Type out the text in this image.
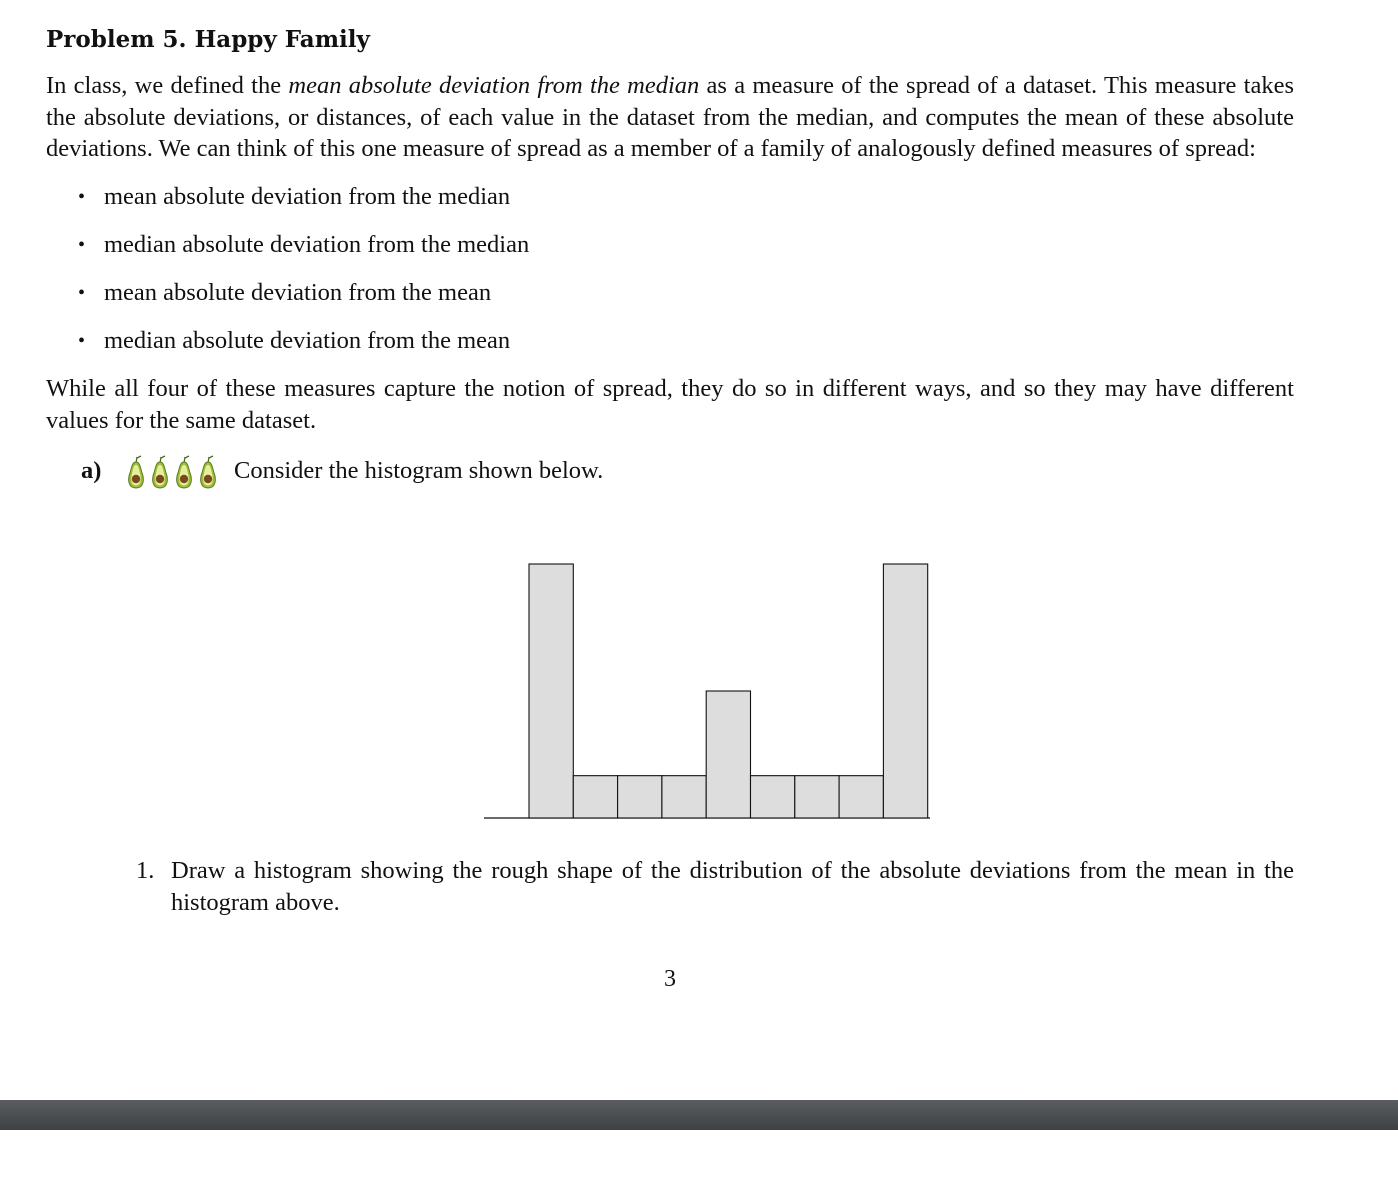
Problem 5. Happy Family

In class, we defined the mean absolute deviation from the median as a measure of the spread of a dataset. This measure takes the absolute deviations, or distances, of each value in the dataset from the median, and computes the mean of these absolute deviations. We can think of this one measure of spread as a member of a family of analogously defined measures of spread:

• mean absolute deviation from the median
• median absolute deviation from the median
• mean absolute deviation from the mean
• median absolute deviation from the mean

While all four of these measures capture the notion of spread, they do so in different ways, and so they may have different values for the same dataset.

a)	Consider the histogram shown below.
1. Draw a histogram showing the rough shape of the distribution of the absolute deviations from the mean in the histogram above.
3
